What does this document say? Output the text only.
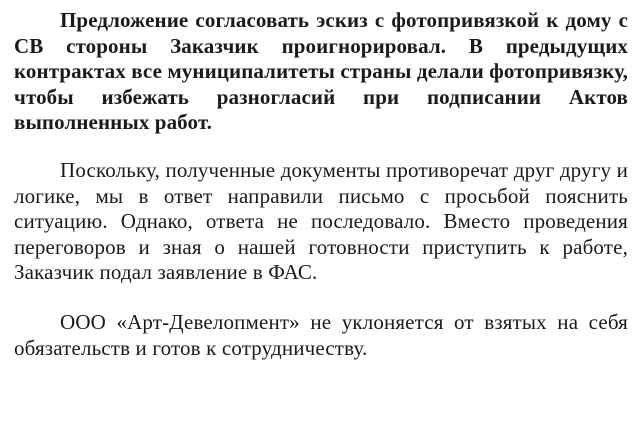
Предложение согласовать эскиз с фотопривязкой к дому с СВ стороны Заказчик проигнорировал. В предыдущих контрактах все муниципалитеты страны делали фотопривязку, чтобы избежать разногласий при подписании Актов выполненных работ.

Поскольку, полученные документы противоречат друг другу и логике, мы в ответ направили письмо с просьбой пояснить ситуацию. Однако, ответа не последовало. Вместо проведения переговоров и зная о нашей готовности приступить к работе, Заказчик подал заявление в ФАС.

ООО «Арт-Девелопмент» не уклоняется от взятых на себя обязательств и готов к сотрудничеству.
